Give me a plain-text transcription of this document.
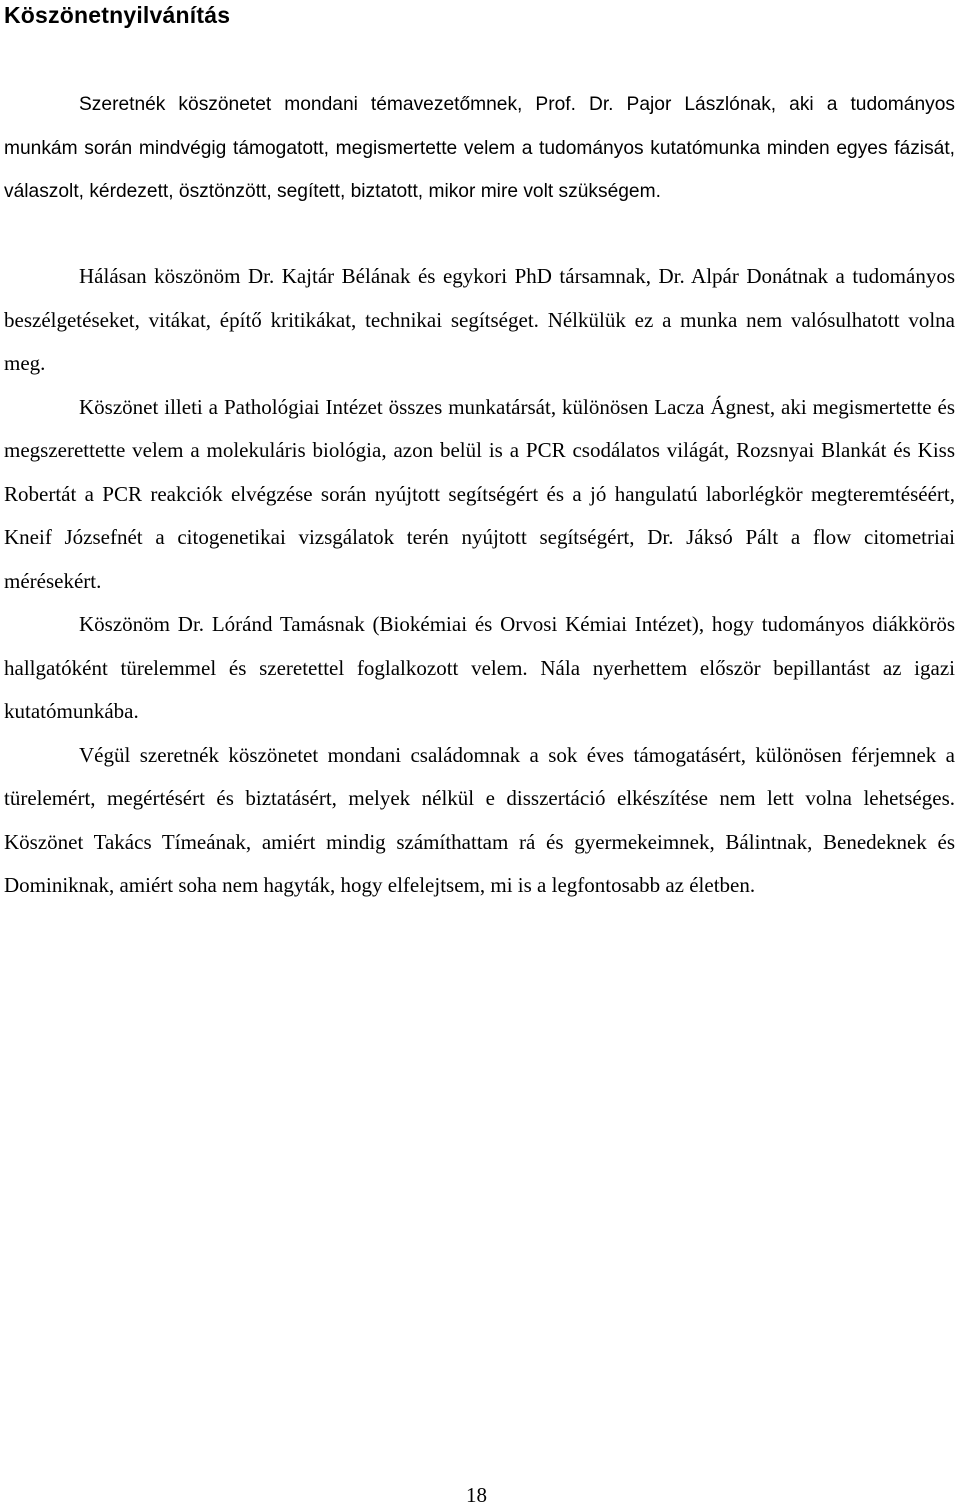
Köszönetnyilvánítás

Szeretnék köszönetet mondani témavezetőmnek, Prof. Dr. Pajor Lászlónak, aki a tudományos munkám során mindvégig támogatott, megismertette velem a tudományos kutatómunka minden egyes fázisát, válaszolt, kérdezett, ösztönzött, segített, biztatott, mikor mire volt szükségem.

Hálásan köszönöm Dr. Kajtár Bélának és egykori PhD társamnak, Dr. Alpár Donátnak a tudományos beszélgetéseket, vitákat, építő kritikákat, technikai segítséget. Nélkülük ez a munka nem valósulhatott volna meg.

Köszönet illeti a Pathológiai Intézet összes munkatársát, különösen Lacza Ágnest, aki megismertette és megszerettette velem a molekuláris biológia, azon belül is a PCR csodálatos világát, Rozsnyai Blankát és Kiss Robertát a PCR reakciók elvégzése során nyújtott segítségért és a jó hangulatú laborlégkör megteremtéséért, Kneif Józsefnét a citogenetikai vizsgálatok terén nyújtott segítségért, Dr. Jáksó Pált a flow citometriai mérésekért.

Köszönöm Dr. Lóránd Tamásnak (Biokémiai és Orvosi Kémiai Intézet), hogy tudományos diákkörös hallgatóként türelemmel és szeretettel foglalkozott velem. Nála nyerhettem először bepillantást az igazi kutatómunkába.

Végül szeretnék köszönetet mondani családomnak a sok éves támogatásért, különösen férjemnek a türelemért, megértésért és biztatásért, melyek nélkül e disszertáció elkészítése nem lett volna lehetséges. Köszönet Takács Tímeának, amiért mindig számíthattam rá és gyermekeimnek, Bálintnak, Benedeknek és Dominiknak, amiért soha nem hagyták, hogy elfelejtsem, mi is a legfontosabb az életben.

18
